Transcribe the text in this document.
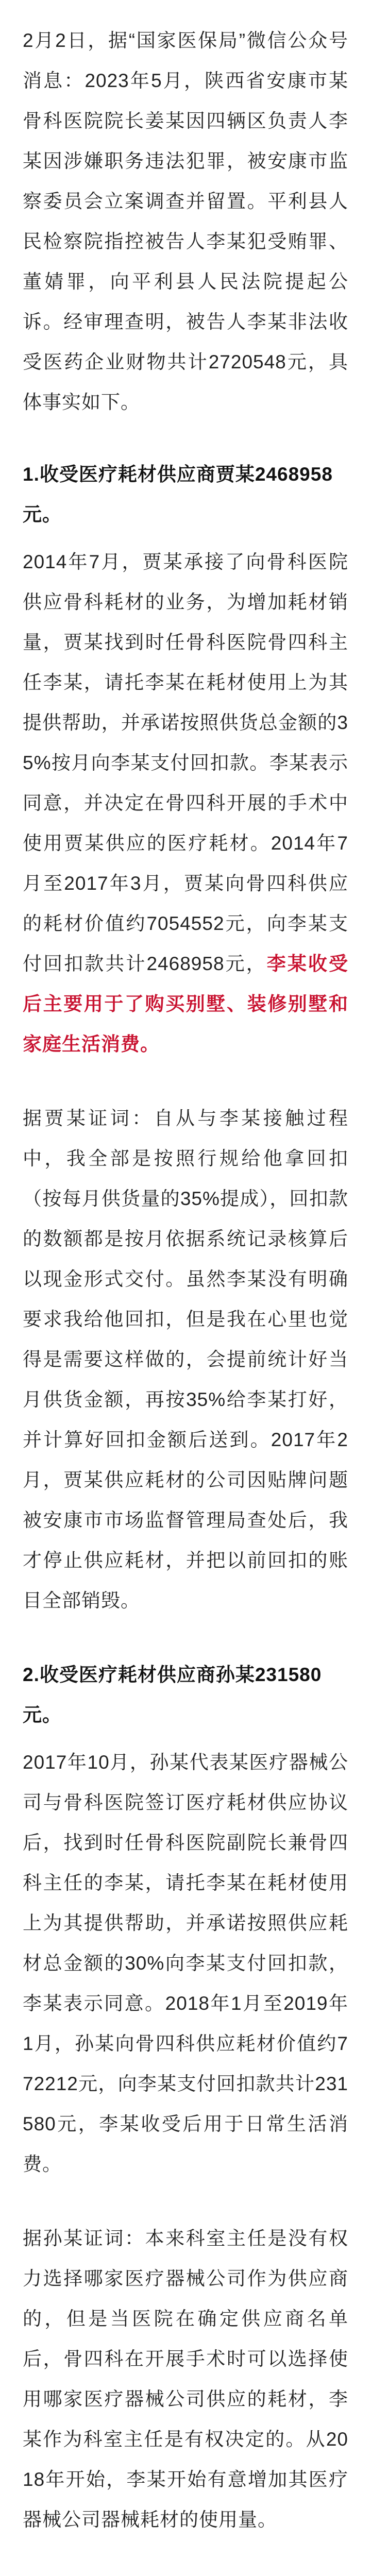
2月2日，据“国家医保局”微信公众号消息：2023年5月，陕西省安康市某骨科医院院长姜某因四辆区负责人李某因涉嫌职务违法犯罪，被安康市监察委员会立案调查并留置。平利县人民检察院指控被告人李某犯受贿罪、董婧罪，向平利县人民法院提起公诉。经审理查明，被告人李某非法收受医药企业财物共计2720548元，具体事实如下。

1.收受医疗耗材供应商贾某2468958元。

2014年7月，贾某承接了向骨科医院供应骨科耗材的业务，为增加耗材销量，贾某找到时任骨科医院骨四科主任李某，请托李某在耗材使用上为其提供帮助，并承诺按照供货总金额的35%按月向李某支付回扣款。李某表示同意，并决定在骨四科开展的手术中使用贾某供应的医疗耗材。2014年7月至2017年3月，贾某向骨四科供应的耗材价值约7054552元，向李某支付回扣款共计2468958元，李某收受后主要用于了购买别墅、装修别墅和家庭生活消费。

据贾某证词：自从与李某接触过程中，我全部是按照行规给他拿回扣（按每月供货量的35%提成），回扣款的数额都是按月依据系统记录核算后以现金形式交付。虽然李某没有明确要求我给他回扣，但是我在心里也觉得是需要这样做的，会提前统计好当月供货金额，再按35%给李某打好，并计算好回扣金额后送到。2017年2月，贾某供应耗材的公司因贴牌问题被安康市市场监督管理局查处后，我才停止供应耗材，并把以前回扣的账目全部销毁。

2.收受医疗耗材供应商孙某231580元。

2017年10月，孙某代表某医疗器械公司与骨科医院签订医疗耗材供应协议后，找到时任骨科医院副院长兼骨四科主任的李某，请托李某在耗材使用上为其提供帮助，并承诺按照供应耗材总金额的30%向李某支付回扣款，李某表示同意。2018年1月至2019年1月，孙某向骨四科供应耗材价值约772212元，向李某支付回扣款共计231580元，李某收受后用于日常生活消费。

据孙某证词：本来科室主任是没有权力选择哪家医疗器械公司作为供应商的，但是当医院在确定供应商名单后，骨四科在开展手术时可以选择使用哪家医疗器械公司供应的耗材，李某作为科室主任是有权决定的。从2018年开始，李某开始有意增加其医疗器械公司器械耗材的使用量。
